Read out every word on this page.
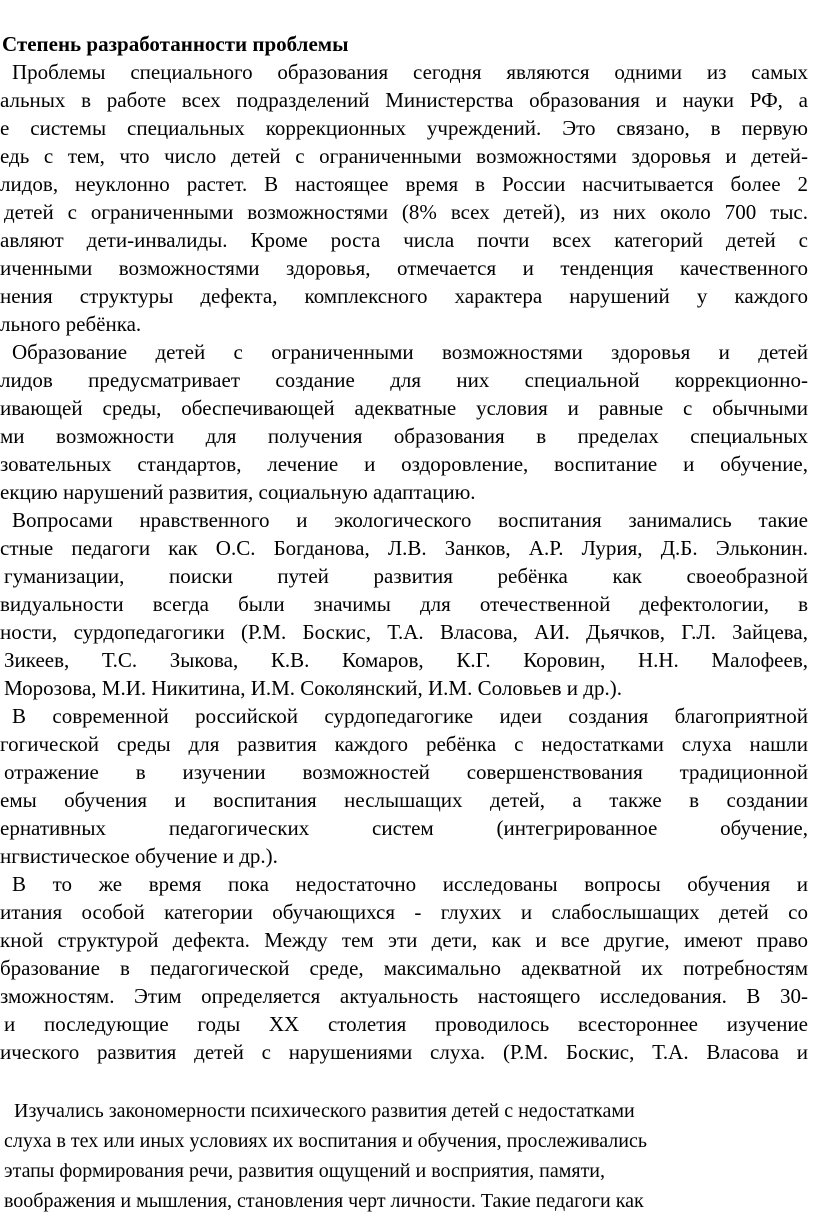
Степень разработанности проблемы
Проблемы специального образования сегодня являются одними из самых
альных в работе всех подразделений Министерства образования и науки РФ, а
е системы специальных коррекционных учреждений. Это связано, в первую
едь с тем, что число детей с ограниченными возможностями здоровья и детей-
лидов, неуклонно растет. В настоящее время в России насчитывается более 2
детей с ограниченными возможностями (8% всех детей), из них около 700 тыс.
авляют дети-инвалиды. Кроме роста числа почти всех категорий детей с
иченными возможностями здоровья, отмечается и тенденция качественного
нения структуры дефекта, комплексного характера нарушений у каждого
льного ребёнка.
Образование детей с ограниченными возможностями здоровья и детей
лидов предусматривает создание для них специальной коррекционно-
ивающей среды, обеспечивающей адекватные условия и равные с обычными
ми возможности для получения образования в пределах специальных
зовательных стандартов, лечение и оздоровление, воспитание и обучение,
екцию нарушений развития, социальную адаптацию.
Вопросами нравственного и экологического воспитания занимались такие
стные педагоги как О.С. Богданова, Л.В. Занков, А.Р. Лурия, Д.Б. Эльконин.
гуманизации, поиски путей развития ребёнка как своеобразной
видуальности всегда были значимы для отечественной дефектологии, в
ности, сурдопедагогики (Р.М. Боскис, Т.А. Власова, АИ. Дьячков, Г.Л. Зайцева,
Зикеев, Т.С. Зыкова, К.В. Комаров, К.Г. Коровин, Н.Н. Малофеев,
Морозова, М.И. Никитина, И.М. Соколянский, И.М. Соловьев и др.).
В современной российской сурдопедагогике идеи создания благоприятной
гогической среды для развития каждого ребёнка с недостатками слуха нашли
отражение в изучении возможностей совершенствования традиционной
емы обучения и воспитания неслышащих детей, а также в создании
ернативных педагогических систем (интегрированное обучение,
нгвистическое обучение и др.).
В то же время пока недостаточно исследованы вопросы обучения и
итания особой категории обучающихся - глухих и слабослышащих детей со
кной структурой дефекта. Между тем эти дети, как и все другие, имеют право
бразование в педагогической среде, максимально адекватной их потребностям
зможностям. Этим определяется актуальность настоящего исследования. В 30-
и последующие годы XX столетия проводилось всестороннее изучение
ического развития детей с нарушениями слуха. (Р.М. Боскис, Т.А. Власова и
Изучались закономерности психического развития детей с недостатками
слуха в тех или иных условиях их воспитания и обучения, прослеживались
этапы формирования речи, развития ощущений и восприятия, памяти,
воображения и мышления, становления черт личности. Такие педагоги как
